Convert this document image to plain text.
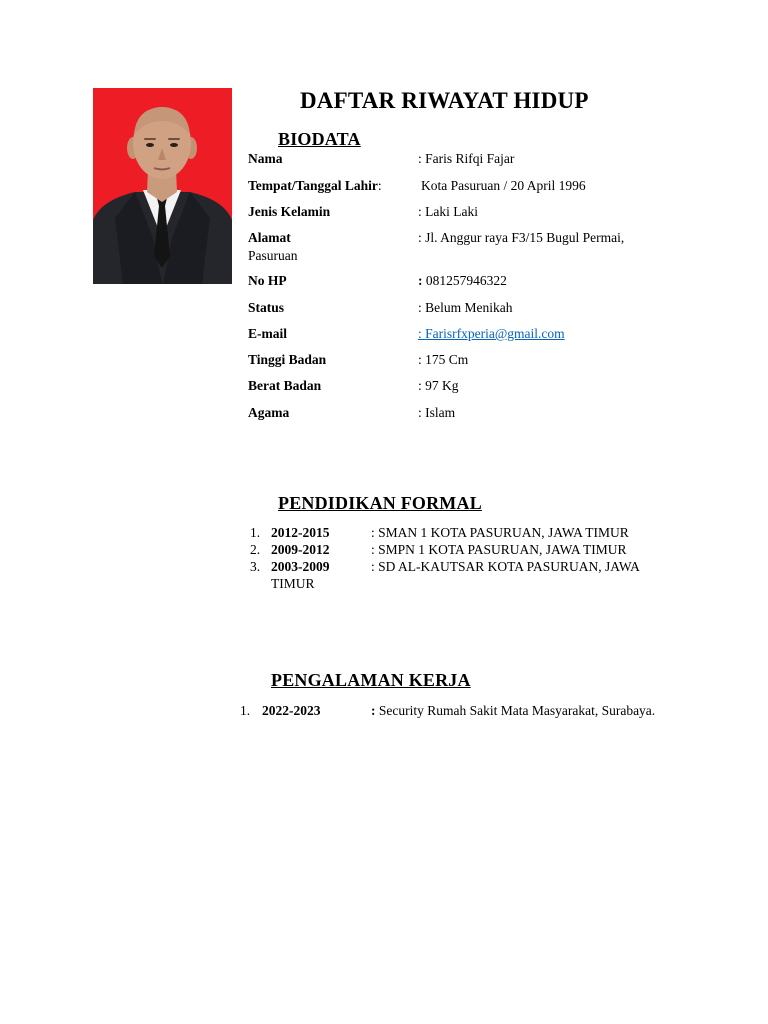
DAFTAR RIWAYAT HIDUP
BIODATA
Nama	: Faris Rifqi Fajar
Tempat/Tanggal Lahir:	Kota Pasuruan / 20 April 1996
Jenis Kelamin	: Laki Laki
Alamat	: Jl. Anggur raya F3/15 Bugul Permai,
Pasuruan
No HP	: 081257946322
Status	: Belum Menikah
E-mail	: Farisrfxperia@gmail.com
Tinggi Badan	: 175 Cm
Berat Badan	: 97 Kg
Agama	: Islam
PENDIDIKAN FORMAL
1. 2012-2015	: SMAN 1 KOTA PASURUAN, JAWA TIMUR
2. 2009-2012	: SMPN 1 KOTA PASURUAN, JAWA TIMUR
3. 2003-2009	: SD AL-KAUTSAR KOTA PASURUAN, JAWA
TIMUR
PENGALAMAN KERJA
1. 2022-2023	: Security Rumah Sakit Mata Masyarakat, Surabaya.
